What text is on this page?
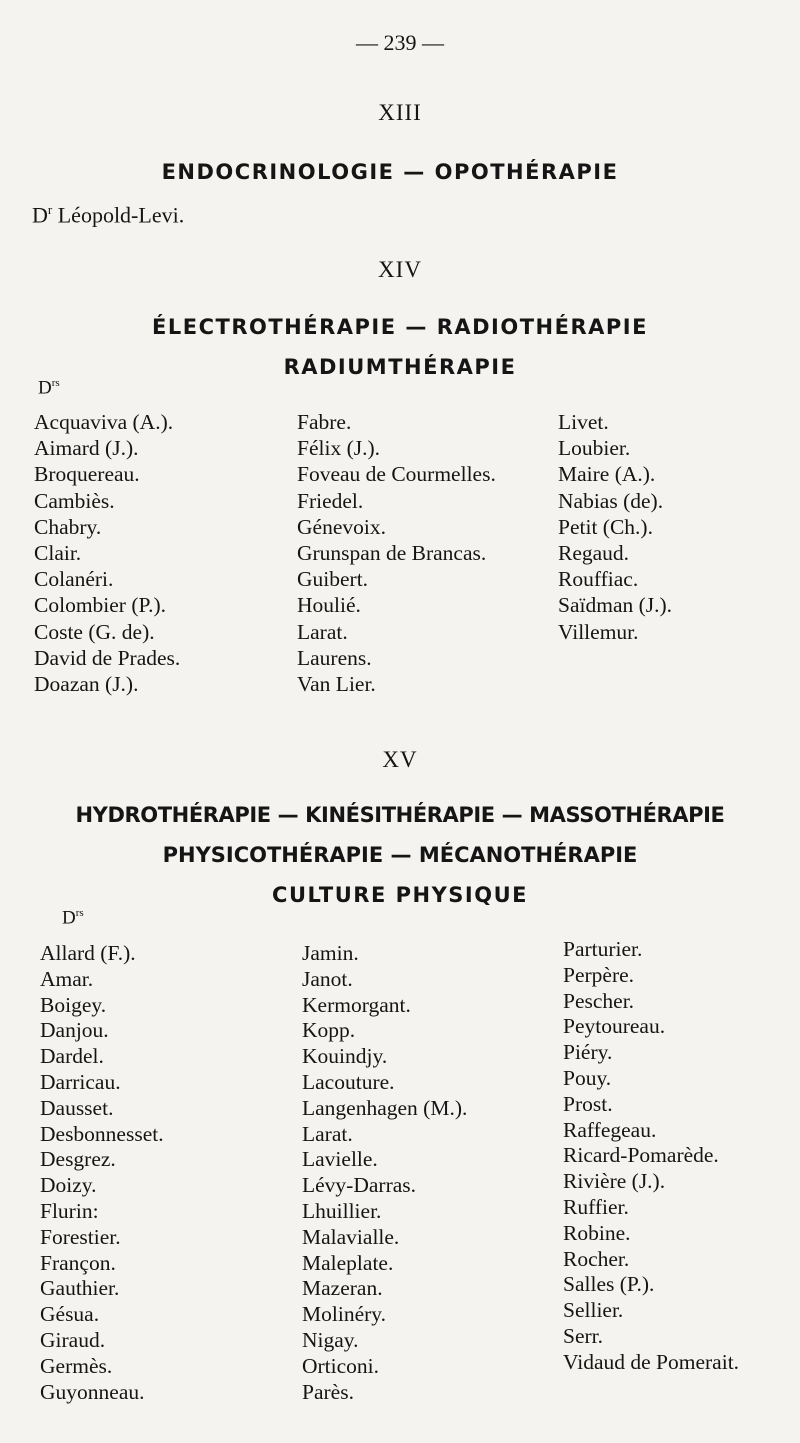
— 239 —
XIII
ENDOCRINOLOGIE — OPOTHÉRAPIE
$D^r$ Léopold-Levi.
XIV
ÉLECTROTHÉRAPIE — RADIOTHÉRAPIE
RADIUMTHÉRAPIE
$D^{rs}$
Acquaviva (A.).
Aimard (J.).
Broquereau.
Cambiès.
Chabry.
Clair.
Colanéri.
Colombier (P.).
Coste (G. de).
David de Prades.
Doazan (J.).
Fabre.
Félix (J.).
Foveau de Courmelles.
Friedel.
Génevoix.
Grunspan de Brancas.
Guibert.
Houlié.
Larat.
Laurens.
Van Lier.
Livet.
Loubier.
Maire (A.).
Nabias (de).
Petit (Ch.).
Regaud.
Rouffiac.
Saïdman (J.).
Villemur.
XV
HYDROTHÉRAPIE — KINÉSITHÉRAPIE — MASSOTHÉRAPIE
PHYSICOTHÉRAPIE — MÉCANOTHÉRAPIE
CULTURE PHYSIQUE
$D^{rs}$
Allard (F.).
Amar.
Boigey.
Danjou.
Dardel.
Darricau.
Dausset.
Desbonnesset.
Desgrez.
Doizy.
Flurin:
Forestier.
Françon.
Gauthier.
Gésua.
Giraud.
Germès.
Guyonneau.
Jamin.
Janot.
Kermorgant.
Kopp.
Kouindjy.
Lacouture.
Langenhagen (M.).
Larat.
Lavielle.
Lévy-Darras.
Lhuillier.
Malavialle.
Maleplate.
Mazeran.
Molinéry.
Nigay.
Orticoni.
Parès.
Parturier.
Perpère.
Pescher.
Peytoureau.
Piéry.
Pouy.
Prost.
Raffegeau.
Ricard-Pomarède.
Rivière (J.).
Ruffier.
Robine.
Rocher.
Salles (P.).
Sellier.
Serr.
Vidaud de Pomerait.
